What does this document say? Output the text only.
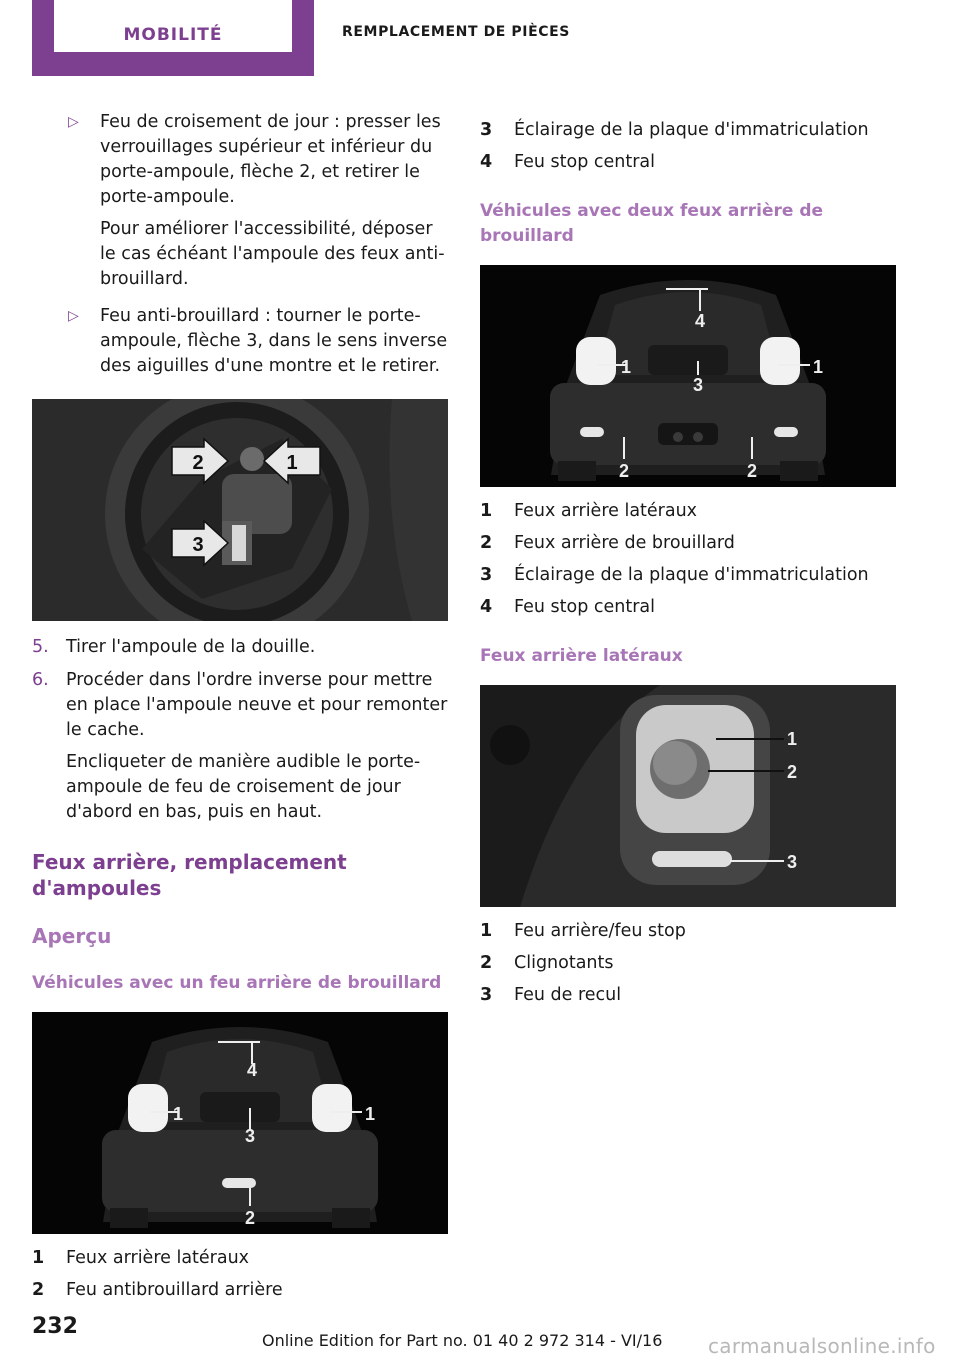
MOBILITÉ	REMPLACEMENT DE PIÈCES
▷ Feu de croisement de jour : presser les verrouillages supérieur et inférieur du porte-ampoule, flèche 2, et retirer le porte-ampoule.

Pour améliorer l'accessibilité, déposer le cas échéant l'ampoule des feux anti-brouillard.

▷ Feu anti-brouillard : tourner le porte-ampoule, flèche 3, dans le sens inverse des aiguilles d'une montre et le retirer.

2	1
3
5. Tirer l'ampoule de la douille.

6. Procéder dans l'ordre inverse pour mettre en place l'ampoule neuve et pour remonter le cache.

Encliqueter de manière audible le porte-ampoule de feu de croisement de jour d'abord en bas, puis en haut.

Feux arrière, remplacement d'ampoules
Aperçu
Véhicules avec un feu arrière de brouillard
4
1	1
3
2
1 Feux arrière latéraux
2 Feu antibrouillard arrière
3 Éclairage de la plaque d'immatriculation
4 Feu stop central
Véhicules avec deux feux arrière de brouillard
4
1	1
3
2	2
1 Feux arrière latéraux
2 Feux arrière de brouillard
3 Éclairage de la plaque d'immatriculation
4 Feu stop central
Feux arrière latéraux
1
2
3
1 Feu arrière/feu stop
2 Clignotants
3 Feu de recul
232
Online Edition for Part no. 01 40 2 972 314 - VI/16 carmanualsonline.info
